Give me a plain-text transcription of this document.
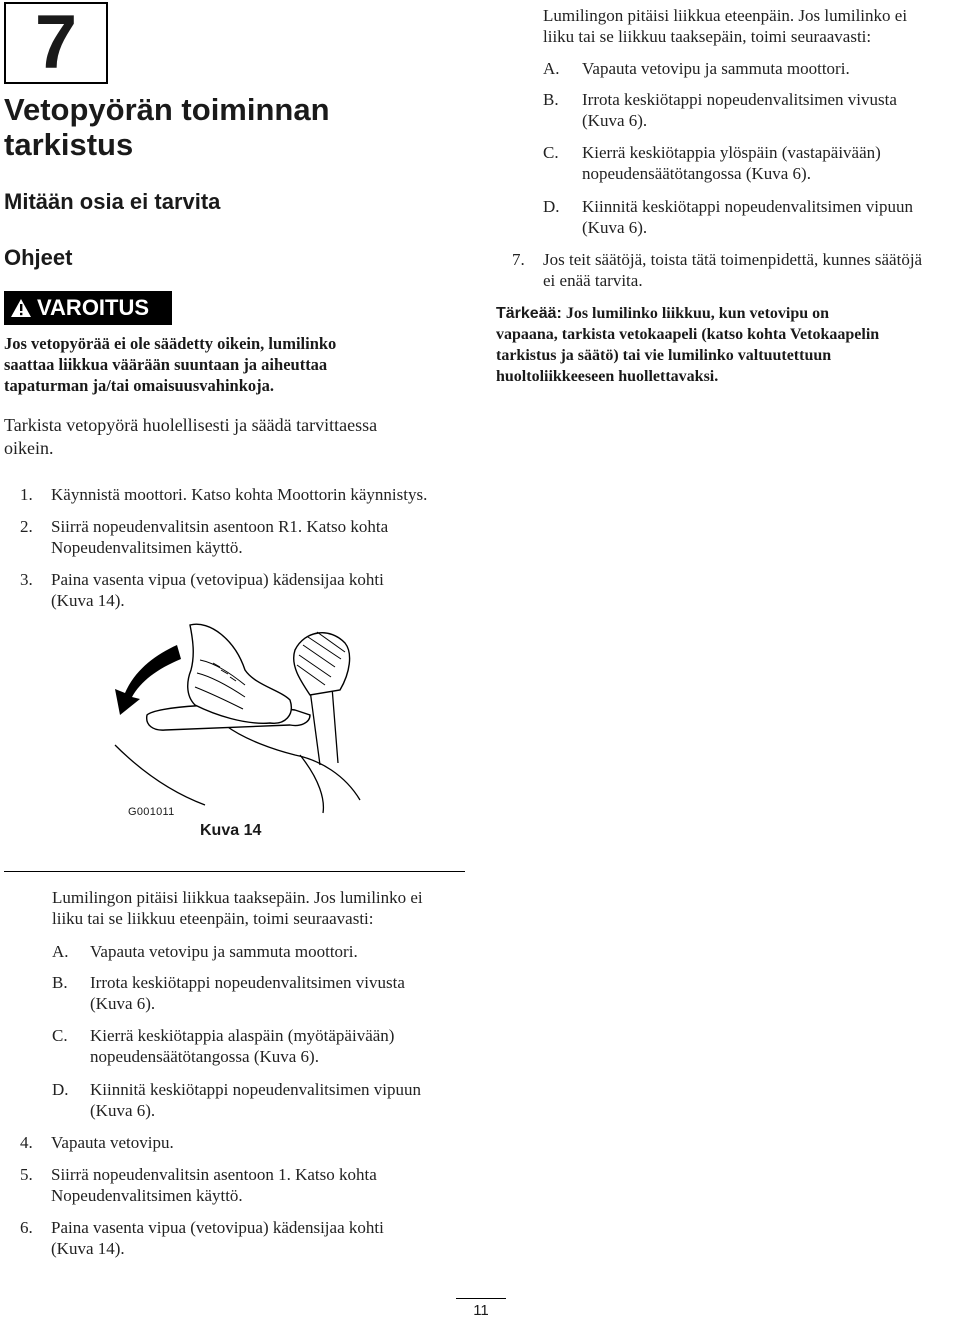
7
Vetopyörän toiminnan
tarkistus
Mitään osia ei tarvita
Ohjeet
VAROITUS
Jos vetopyörää ei ole säädetty oikein, lumilinko
saattaa liikkua väärään suuntaan ja aiheuttaa
tapaturman ja/tai omaisuusvahinkoja.
Tarkista vetopyörä huolellisesti ja säädä tarvittaessa
oikein.
1. Käynnistä moottori. Katso kohta Moottorin käynnistys.
2. Siirrä nopeudenvalitsin asentoon R1. Katso kohta
Nopeudenvalitsimen käyttö.
3. Paina vasenta vipua (vetovipua) kädensijaa kohti
(Kuva 14).
G001011
Kuva 14
Lumilingon pitäisi liikkua taaksepäin. Jos lumilinko ei
liiku tai se liikkuu eteenpäin, toimi seuraavasti:
A. Vapauta vetovipu ja sammuta moottori.
B. Irrota keskiötappi nopeudenvalitsimen vivusta
(Kuva 6).
C. Kierrä keskiötappia alaspäin (myötäpäivään)
nopeudensäätötangossa (Kuva 6).
D. Kiinnitä keskiötappi nopeudenvalitsimen vipuun
(Kuva 6).
4. Vapauta vetovipu.
5. Siirrä nopeudenvalitsin asentoon 1. Katso kohta
Nopeudenvalitsimen käyttö.
6. Paina vasenta vipua (vetovipua) kädensijaa kohti
(Kuva 14).
Lumilingon pitäisi liikkua eteenpäin. Jos lumilinko ei
liiku tai se liikkuu taaksepäin, toimi seuraavasti:
A. Vapauta vetovipu ja sammuta moottori.
B. Irrota keskiötappi nopeudenvalitsimen vivusta
(Kuva 6).
C. Kierrä keskiötappia ylöspäin (vastapäivään)
nopeudensäätötangossa (Kuva 6).
D. Kiinnitä keskiötappi nopeudenvalitsimen vipuun
(Kuva 6).
7. Jos teit säätöjä, toista tätä toimenpidettä, kunnes säätöjä
ei enää tarvita.
Tärkeää: Jos lumilinko liikkuu, kun vetovipu on
vapaana, tarkista vetokaapeli (katso kohta Vetokaapelin
tarkistus ja säätö) tai vie lumilinko valtuutettuun
huoltoliikkeeseen huollettavaksi.
11
